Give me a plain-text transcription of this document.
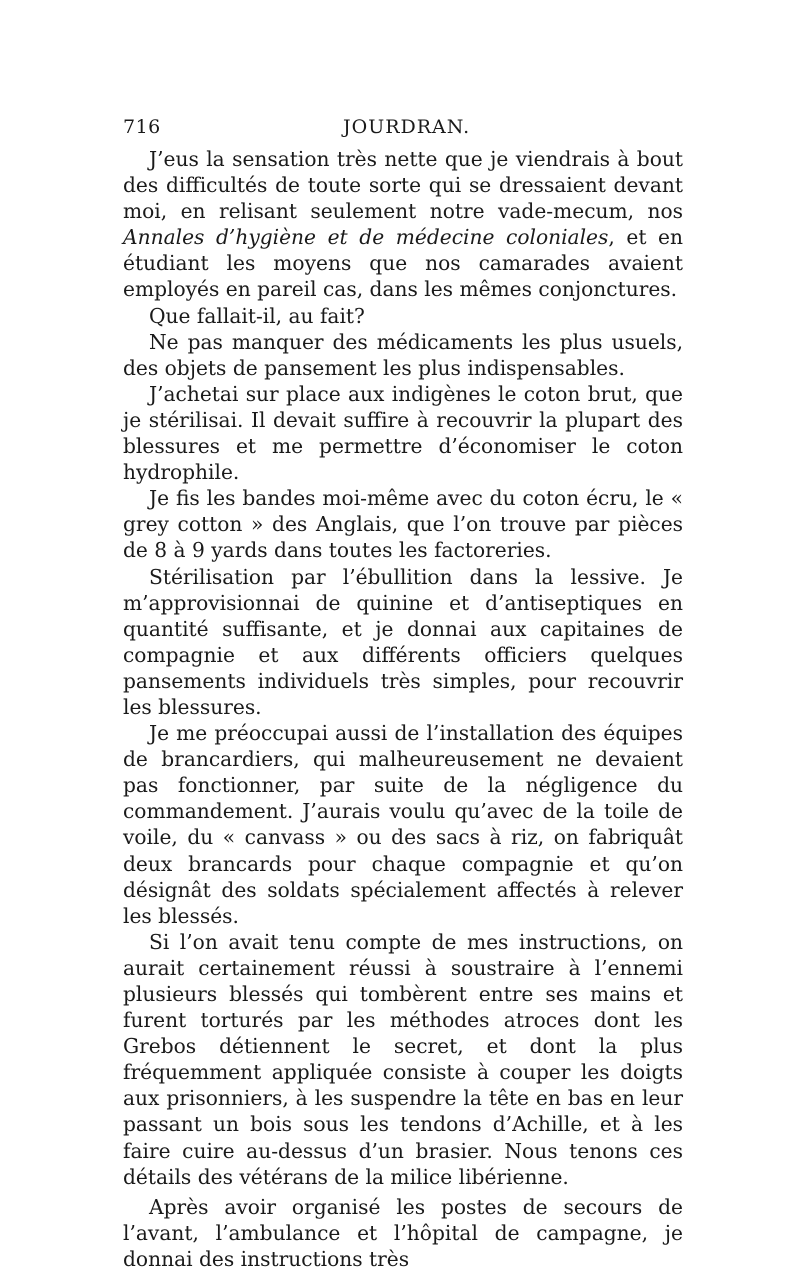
716	JOURDRAN.

J’eus la sensation très nette que je viendrais à bout des difficultés de toute sorte qui se dressaient devant moi, en relisant seulement notre vade-mecum, nos Annales d’hygiène et de médecine coloniales, et en étudiant les moyens que nos camarades avaient employés en pareil cas, dans les mêmes conjonctures.

Que fallait-il, au fait?

Ne pas manquer des médicaments les plus usuels, des objets de pansement les plus indispensables.

J’achetai sur place aux indigènes le coton brut, que je stérilisai. Il devait suffire à recouvrir la plupart des blessures et me permettre d’économiser le coton hydrophile.

Je fis les bandes moi-même avec du coton écru, le « grey cotton » des Anglais, que l’on trouve par pièces de 8 à 9 yards dans toutes les factoreries.

Stérilisation par l’ébullition dans la lessive. Je m’approvisionnai de quinine et d’antiseptiques en quantité suffisante, et je donnai aux capitaines de compagnie et aux différents officiers quelques pansements individuels très simples, pour recouvrir les blessures.

Je me préoccupai aussi de l’installation des équipes de brancardiers, qui malheureusement ne devaient pas fonctionner, par suite de la négligence du commandement. J’aurais voulu qu’avec de la toile de voile, du « canvass » ou des sacs à riz, on fabriquât deux brancards pour chaque compagnie et qu’on désignât des soldats spécialement affectés à relever les blessés.

Si l’on avait tenu compte de mes instructions, on aurait certainement réussi à soustraire à l’ennemi plusieurs blessés qui tombèrent entre ses mains et furent torturés par les méthodes atroces dont les Grebos détiennent le secret, et dont la plus fréquemment appliquée consiste à couper les doigts aux prisonniers, à les suspendre la tête en bas en leur passant un bois sous les tendons d’Achille, et à les faire cuire au-dessus d’un brasier. Nous tenons ces détails des vétérans de la milice libérienne.

Après avoir organisé les postes de secours de l’avant, l’ambulance et l’hôpital de campagne, je donnai des instructions très
